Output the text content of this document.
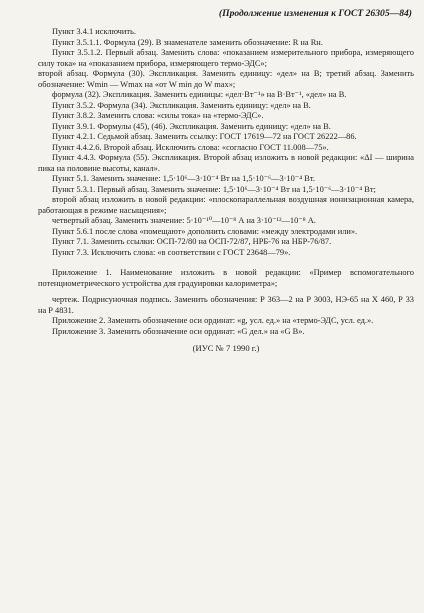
(Продолжение изменения к ГОСТ 26305—84)

Пункт 3.4.1 исключить.

Пункт 3.5.1.1. Формула (29). В знаменателе заменить обозначение: R на Rн.

Пункт 3.5.1.2. Первый абзац. Заменить слова: «показанием измерительного прибора, измеряющего силу тока» на «показанием прибора, измеряющего термо-ЭДС»;

второй абзац. Формула (30). Экспликация. Заменить единицу: «дел» на В; третий абзац. Заменить обозначение: Wmin — Wmax на «от W min до W max»;

формула (32). Экспликация. Заменить единицы: «дел·Вт⁻¹» на В·Вт⁻¹, «дел» на В.

Пункт 3.5.2. Формула (34). Экспликация. Заменить единицу: «дел» на В.

Пункт 3.8.2. Заменить слова: «силы тока» на «термо-ЭДС».

Пункт 3.9.1. Формулы (45), (46). Экспликация. Заменить единицу: «дел» на В.

Пункт 4.2.1. Седьмой абзац. Заменить ссылку: ГОСТ 17619—72 на ГОСТ 26222—86.

Пункт 4.4.2.6. Второй абзац. Исключить слова: «согласно ГОСТ 11.008—75».

Пункт 4.4.3. Формула (55). Экспликация. Второй абзац изложить в новой редакции: «ΔI — ширина пика на половине высоты, канал».

Пункт 5.1. Заменить значение: 1,5·10⁶—3·10⁻⁴ Вт на 1,5·10⁻⁶—3·10⁻⁴ Вт.

Пункт 5.3.1. Первый абзац. Заменить значение: 1,5·10⁶—3·10⁻⁴ Вт на 1,5·10⁻⁶—3·10⁻⁴ Вт;

второй абзац изложить в новой редакции: «плоскопараллельная воздушная ионизационная камера, работающая в режиме насыщения»;

четвертый абзац. Заменить значение: 5·10⁻¹⁰—10⁻⁸ А на 3·10⁻¹²—10⁻⁸ А.

Пункт 5.6.1 после слова «помещают» дополнить словами: «между электродами или».

Пункт 7.1. Заменить ссылки: ОСП-72/80 на ОСП-72/87, НРБ-76 на НБР-76/87.

Пункт 7.3. Исключить слова: «в соответствии с ГОСТ 23648—79».

Приложение 1. Наименование изложить в новой редакции: «Пример вспомогательного потенциометрического устройства для градуировки калориметра»;

чертеж. Подрисуночная подпись. Заменить обозначения: Р 363—2 на Р 3003, НЭ-65 на Х 460, Р 33 на Р 4831.

Приложение 2. Заменить обозначение оси ординат: «g, усл. ед.» на «термо-ЭДС, усл. ед.».

Приложение 3. Заменить обозначение оси ординат: «G дел.» на «G В».

(ИУС № 7 1990 г.)
